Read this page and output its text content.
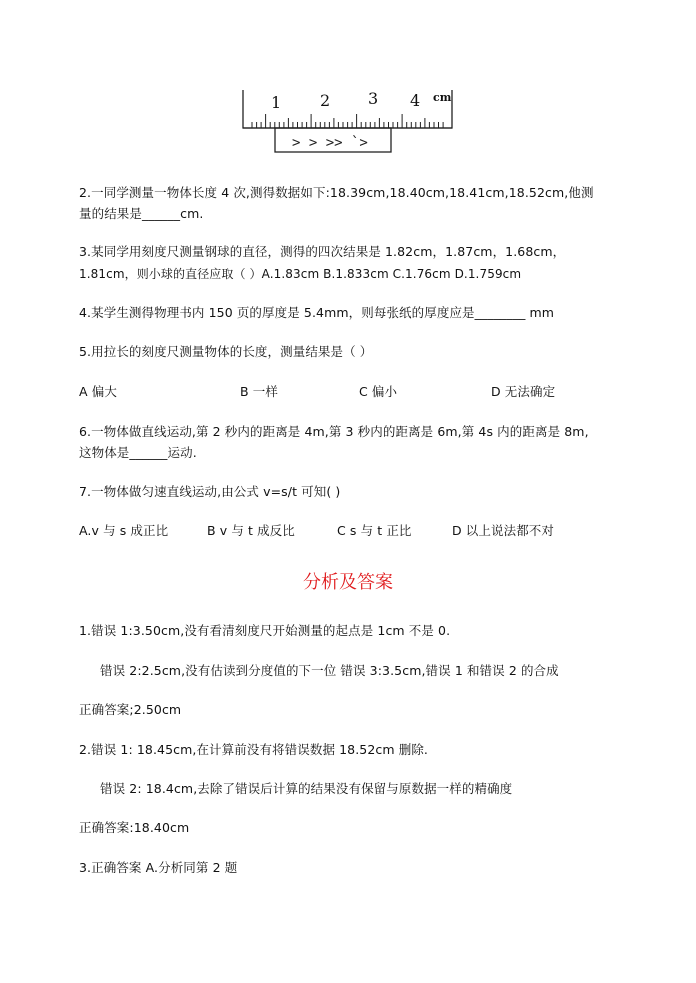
1 2 3 4 cm
> > >> `>
2.一同学测量一物体长度 4 次,测得数据如下:18.39cm,18.40cm,18.41cm,18.52cm,他测
量的结果是______cm.
3.某同学用刻度尺测量钢球的直径，测得的四次结果是 1.82cm，1.87cm，1.68cm，
1.81cm，则小球的直径应取（ ）A.1.83cm B.1.833cm C.1.76cm D.1.759cm
4.某学生测得物理书内 150 页的厚度是 5.4mm，则每张纸的厚度应是________ mm
5.用拉长的刻度尺测量物体的长度，测量结果是（ ）
A 偏大	B 一样	C 偏小	D 无法确定
6.一物体做直线运动,第 2 秒内的距离是 4m,第 3 秒内的距离是 6m,第 4s 内的距离是 8m,
这物体是______运动.
7.一物体做匀速直线运动,由公式 v=s/t 可知( )
A.v 与 s 成正比	B v 与 t 成反比	C s 与 t 正比	D 以上说法都不对
分析及答案
1.错误 1:3.50cm,没有看清刻度尺开始测量的起点是 1cm 不是 0.
错误 2:2.5cm,没有估读到分度值的下一位 错误 3:3.5cm,错误 1 和错误 2 的合成
正确答案;2.50cm
2.错误 1: 18.45cm,在计算前没有将错误数据 18.52cm 删除.
错误 2: 18.4cm,去除了错误后计算的结果没有保留与原数据一样的精确度
正确答案:18.40cm
3.正确答案 A.分析同第 2 题
